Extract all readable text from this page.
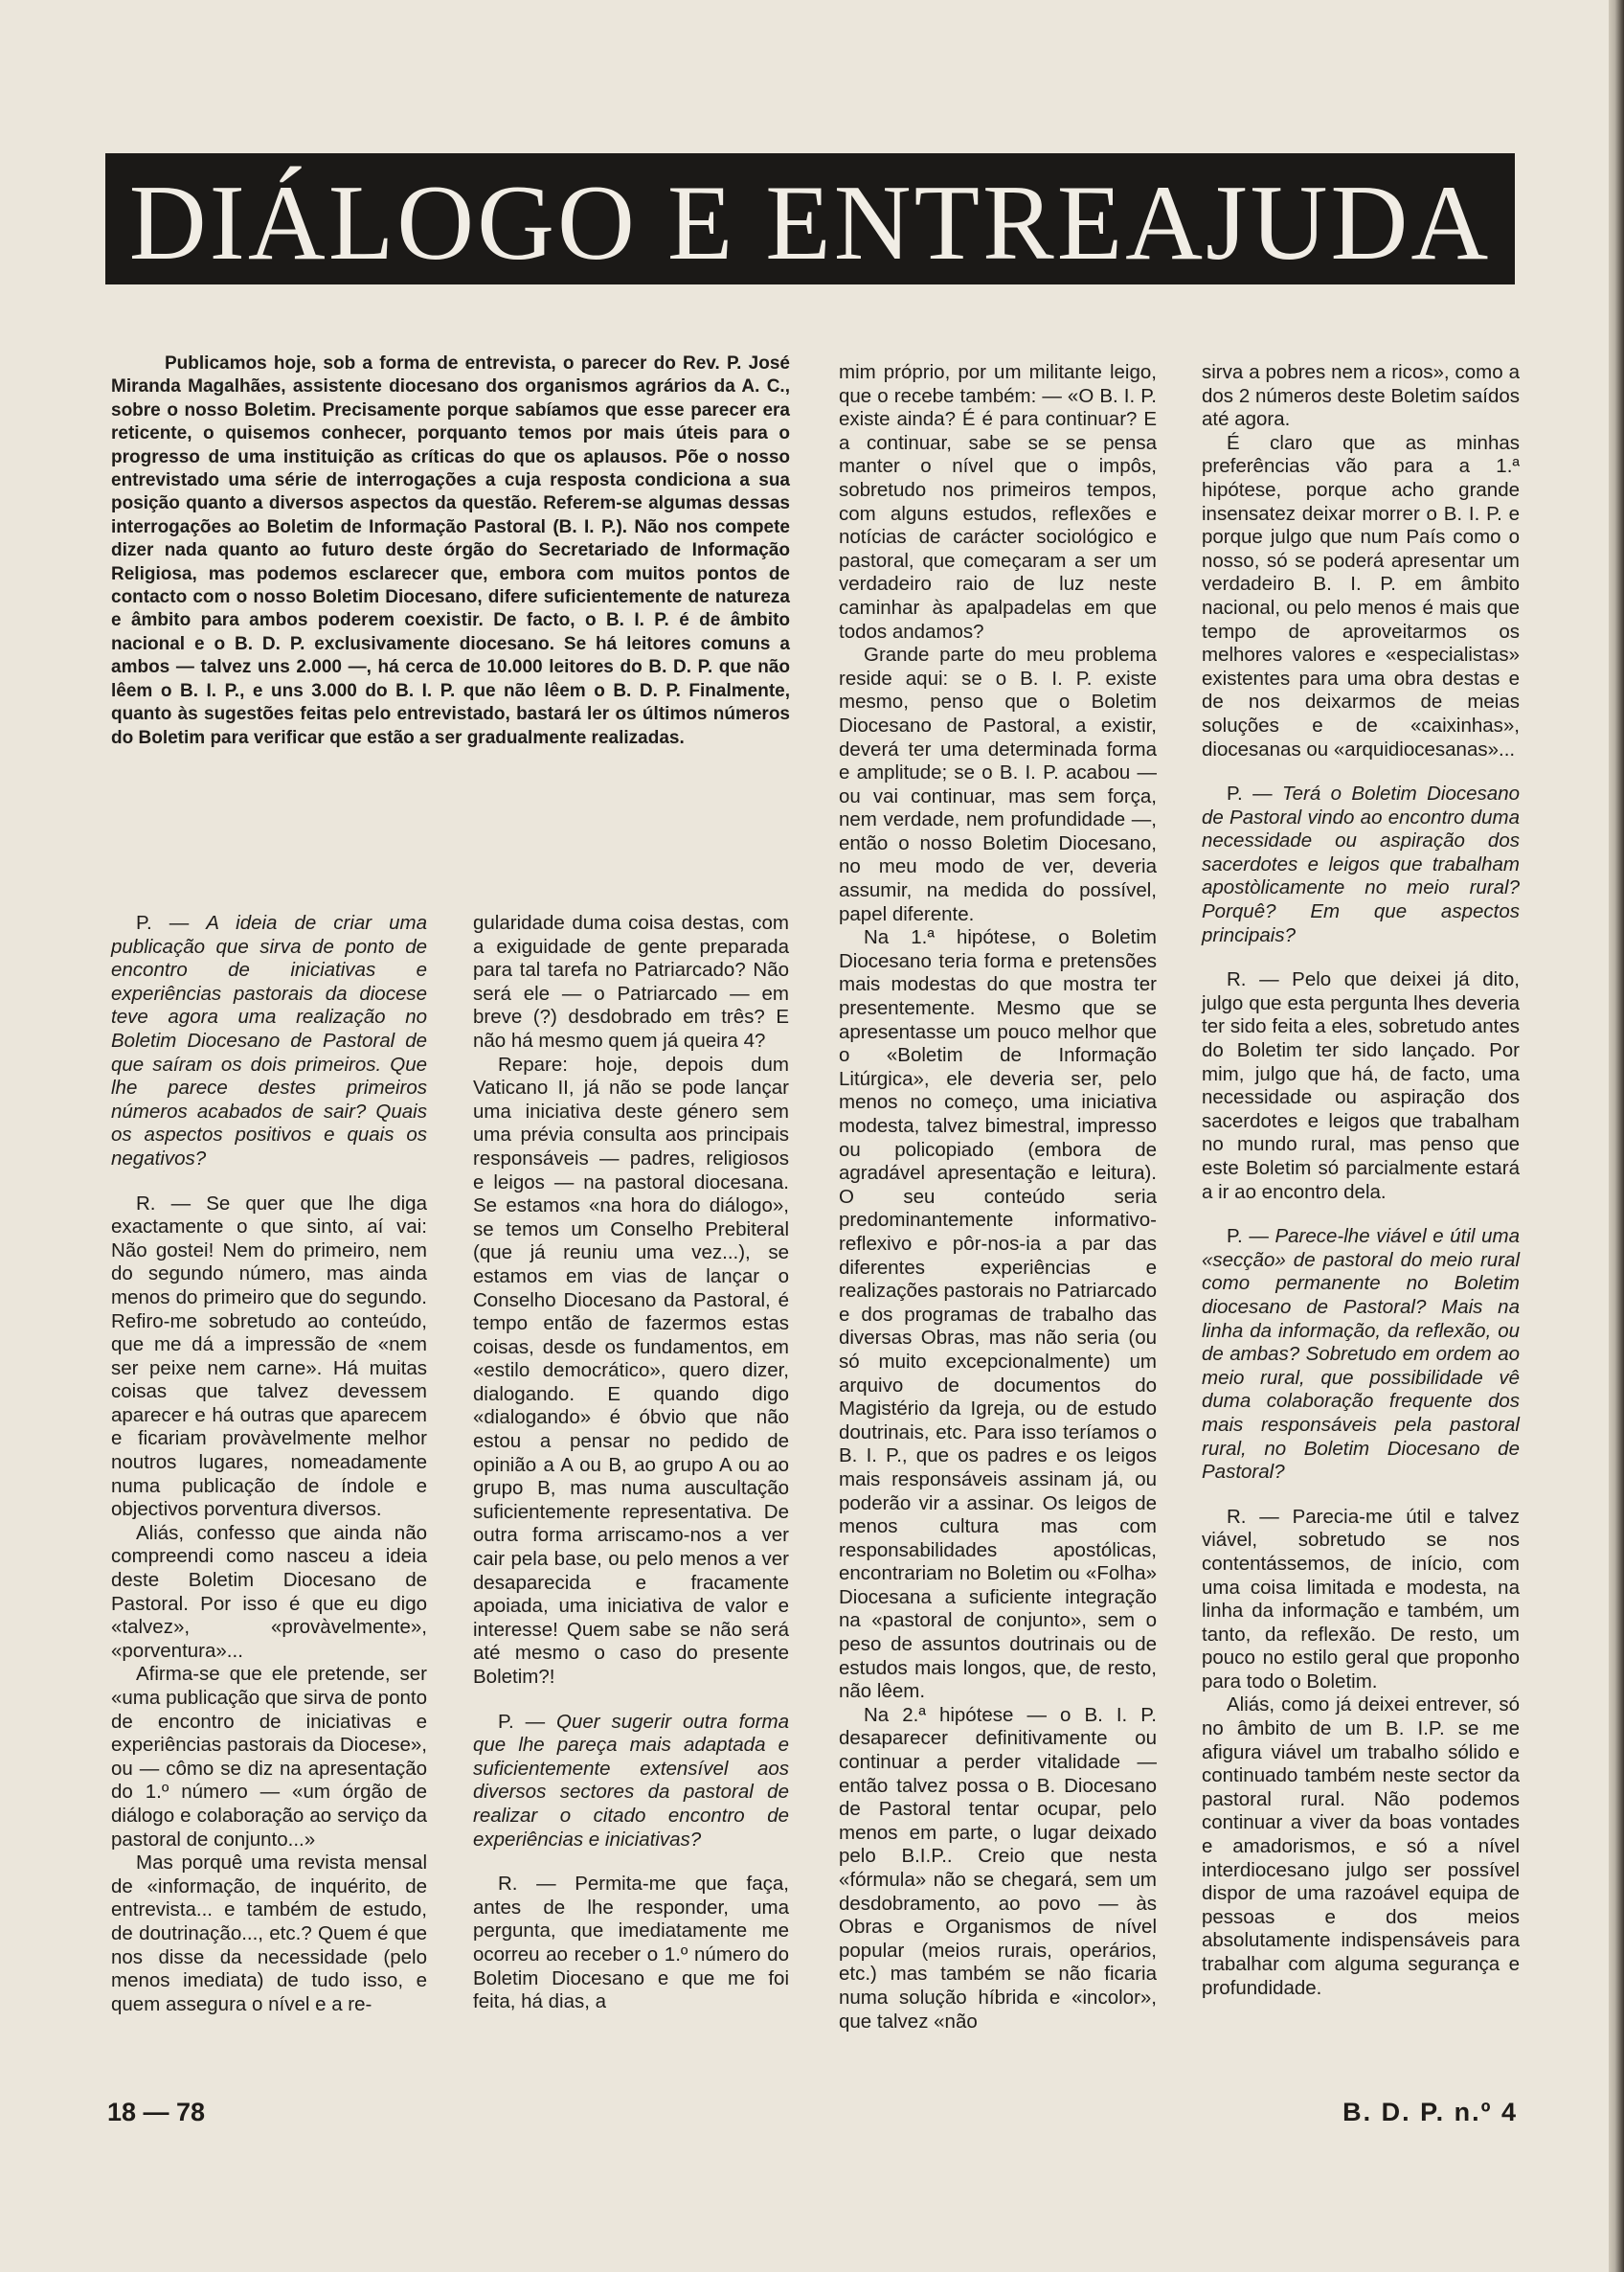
DIÁLOGO E ENTREAJUDA

Publicamos hoje, sob a forma de entrevista, o parecer do Rev. P. José Miranda Magalhães, assistente diocesano dos organismos agrários da A. C., sobre o nosso Boletim. Precisamente porque sabíamos que esse parecer era reticente, o quisemos conhecer, porquanto temos por mais úteis para o progresso de uma instituição as críticas do que os aplausos. Põe o nosso entrevistado uma série de interrogações a cuja resposta condiciona a sua posição quanto a diversos aspectos da questão. Referem-se algumas dessas interrogações ao Boletim de Informação Pastoral (B. I. P.). Não nos compete dizer nada quanto ao futuro deste órgão do Secretariado de Informação Religiosa, mas podemos esclarecer que, embora com muitos pontos de contacto com o nosso Boletim Diocesano, difere suficientemente de natureza e âmbito para ambos poderem coexistir. De facto, o B. I. P. é de âmbito nacional e o B. D. P. exclusivamente diocesano. Se há leitores comuns a ambos — talvez uns 2.000 —, há cerca de 10.000 leitores do B. D. P. que não lêem o B. I. P., e uns 3.000 do B. I. P. que não lêem o B. D. P. Finalmente, quanto às sugestões feitas pelo entrevistado, bastará ler os últimos números do Boletim para verificar que estão a ser gradualmente realizadas.

P. — A ideia de criar uma publicação que sirva de ponto de encontro de iniciativas e experiências pastorais da diocese teve agora uma realização no Boletim Diocesano de Pastoral de que saíram os dois primeiros. Que lhe parece destes primeiros números acabados de sair? Quais os aspectos positivos e quais os negativos?

R. — Se quer que lhe diga exactamente o que sinto, aí vai: Não gostei! Nem do primeiro, nem do segundo número, mas ainda menos do primeiro que do segundo. Refiro-me sobretudo ao conteúdo, que me dá a impressão de «nem ser peixe nem carne». Há muitas coisas que talvez devessem aparecer e há outras que aparecem e ficariam provàvelmente melhor noutros lugares, nomeadamente numa publicação de índole e objectivos porventura diversos.

Aliás, confesso que ainda não compreendi como nasceu a ideia deste Boletim Diocesano de Pastoral. Por isso é que eu digo «talvez», «provàvelmente», «porventura»...

Afirma-se que ele pretende, ser «uma publicação que sirva de ponto de encontro de iniciativas e experiências pastorais da Diocese», ou — cômo se diz na apresentação do 1.º número — «um órgão de diálogo e colaboração ao serviço da pastoral de conjunto...»

Mas porquê uma revista mensal de «informação, de inquérito, de entrevista... e também de estudo, de doutrinação..., etc.? Quem é que nos disse da necessidade (pelo menos imediata) de tudo isso, e quem assegura o nível e a re-

gularidade duma coisa destas, com a exiguidade de gente preparada para tal tarefa no Patriarcado? Não será ele — o Patriarcado — em breve (?) desdobrado em três? E não há mesmo quem já queira 4?

Repare: hoje, depois dum Vaticano II, já não se pode lançar uma iniciativa deste género sem uma prévia consulta aos principais responsáveis — padres, religiosos e leigos — na pastoral diocesana. Se estamos «na hora do diálogo», se temos um Conselho Prebiteral (que já reuniu uma vez...), se estamos em vias de lançar o Conselho Diocesano da Pastoral, é tempo então de fazermos estas coisas, desde os fundamentos, em «estilo democrático», quero dizer, dialogando. E quando digo «dialogando» é óbvio que não estou a pensar no pedido de opinião a A ou B, ao grupo A ou ao grupo B, mas numa auscultação suficientemente representativa. De outra forma arriscamo-nos a ver cair pela base, ou pelo menos a ver desaparecida e fracamente apoiada, uma iniciativa de valor e interesse! Quem sabe se não será até mesmo o caso do presente Boletim?!

P. — Quer sugerir outra forma que lhe pareça mais adaptada e suficientemente extensível aos diversos sectores da pastoral de realizar o citado encontro de experiências e iniciativas?

R. — Permita-me que faça, antes de lhe responder, uma pergunta, que imediatamente me ocorreu ao receber o 1.º número do Boletim Diocesano e que me foi feita, há dias, a

mim próprio, por um militante leigo, que o recebe também: — «O B. I. P. existe ainda? É é para continuar? E a continuar, sabe se se pensa manter o nível que o impôs, sobretudo nos primeiros tempos, com alguns estudos, reflexões e notícias de carácter sociológico e pastoral, que começaram a ser um verdadeiro raio de luz neste caminhar às apalpadelas em que todos andamos?

Grande parte do meu problema reside aqui: se o B. I. P. existe mesmo, penso que o Boletim Diocesano de Pastoral, a existir, deverá ter uma determinada forma e amplitude; se o B. I. P. acabou — ou vai continuar, mas sem força, nem verdade, nem profundidade —, então o nosso Boletim Diocesano, no meu modo de ver, deveria assumir, na medida do possível, papel diferente.

Na 1.ª hipótese, o Boletim Diocesano teria forma e pretensões mais modestas do que mostra ter presentemente. Mesmo que se apresentasse um pouco melhor que o «Boletim de Informação Litúrgica», ele deveria ser, pelo menos no começo, uma iniciativa modesta, talvez bimestral, impresso ou policopiado (embora de agradável apresentação e leitura). O seu conteúdo seria predominantemente informativo-reflexivo e pôr-nos-ia a par das diferentes experiências e realizações pastorais no Patriarcado e dos programas de trabalho das diversas Obras, mas não seria (ou só muito excepcionalmente) um arquivo de documentos do Magistério da Igreja, ou de estudo doutrinais, etc. Para isso teríamos o B. I. P., que os padres e os leigos mais responsáveis assinam já, ou poderão vir a assinar. Os leigos de menos cultura mas com responsabilidades apostólicas, encontrariam no Boletim ou «Folha» Diocesana a suficiente integração na «pastoral de conjunto», sem o peso de assuntos doutrinais ou de estudos mais longos, que, de resto, não lêem.

Na 2.ª hipótese — o B. I. P. desaparecer definitivamente ou continuar a perder vitalidade — então talvez possa o B. Diocesano de Pastoral tentar ocupar, pelo menos em parte, o lugar deixado pelo B.I.P.. Creio que nesta «fórmula» não se chegará, sem um desdobramento, ao povo — às Obras e Organismos de nível popular (meios rurais, operários, etc.) mas também se não ficaria numa solução híbrida e «incolor», que talvez «não

sirva a pobres nem a ricos», como a dos 2 números deste Boletim saídos até agora.

É claro que as minhas preferências vão para a 1.ª hipótese, porque acho grande insensatez deixar morrer o B. I. P. e porque julgo que num País como o nosso, só se poderá apresentar um verdadeiro B. I. P. em âmbito nacional, ou pelo menos é mais que tempo de aproveitarmos os melhores valores e «especialistas» existentes para uma obra destas e de nos deixarmos de meias soluções e de «caixinhas», diocesanas ou «arquidiocesanas»...

P. — Terá o Boletim Diocesano de Pastoral vindo ao encontro duma necessidade ou aspiração dos sacerdotes e leigos que trabalham apostòlicamente no meio rural? Porquê? Em que aspectos principais?

R. — Pelo que deixei já dito, julgo que esta pergunta lhes deveria ter sido feita a eles, sobretudo antes do Boletim ter sido lançado. Por mim, julgo que há, de facto, uma necessidade ou aspiração dos sacerdotes e leigos que trabalham no mundo rural, mas penso que este Boletim só parcialmente estará a ir ao encontro dela.

P. — Parece-lhe viável e útil uma «secção» de pastoral do meio rural como permanente no Boletim diocesano de Pastoral? Mais na linha da informação, da reflexão, ou de ambas? Sobretudo em ordem ao meio rural, que possibilidade vê duma colaboração frequente dos mais responsáveis pela pastoral rural, no Boletim Diocesano de Pastoral?

R. — Parecia-me útil e talvez viável, sobretudo se nos contentássemos, de início, com uma coisa limitada e modesta, na linha da informação e também, um tanto, da reflexão. De resto, um pouco no estilo geral que proponho para todo o Boletim.

Aliás, como já deixei entrever, só no âmbito de um B. I.P. se me afigura viável um trabalho sólido e continuado também neste sector da pastoral rural. Não podemos continuar a viver da boas vontades e amadorismos, e só a nível interdiocesano julgo ser possível dispor de uma razoável equipa de pessoas e dos meios absolutamente indispensáveis para trabalhar com alguma segurança e profundidade.

18 — 78	B. D. P. n.º 4
